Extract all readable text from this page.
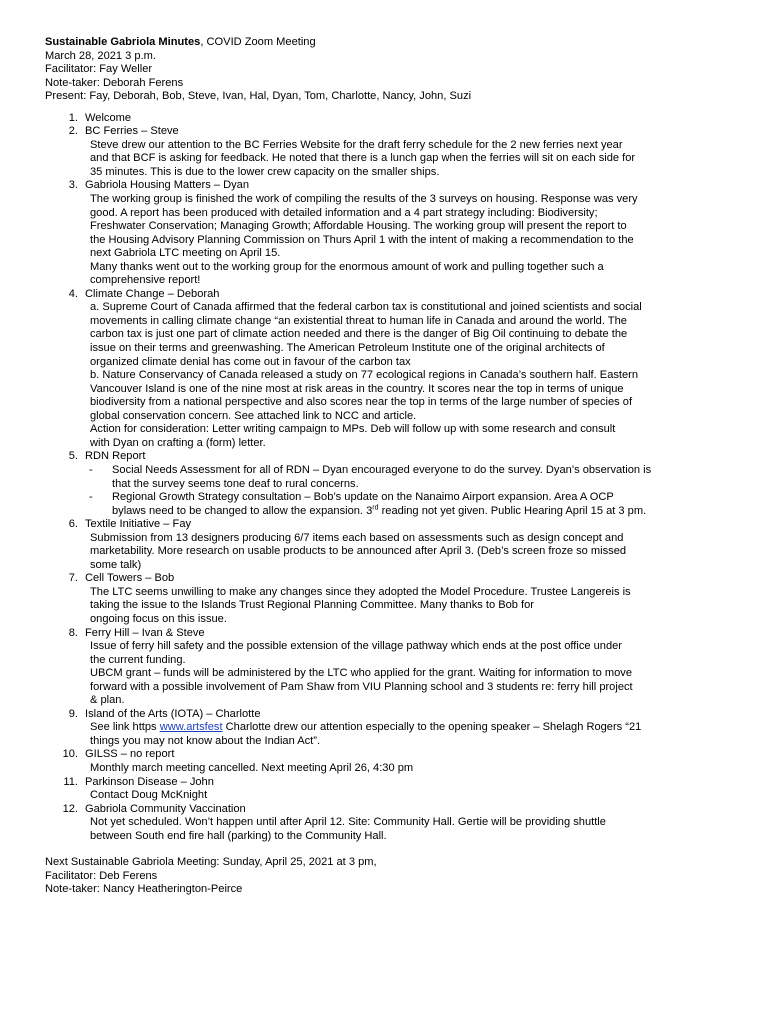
Sustainable Gabriola Minutes, COVID Zoom Meeting
March 28, 2021 3 p.m.
Facilitator: Fay Weller
Note-taker: Deborah Ferens
Present: Fay, Deborah, Bob, Steve, Ivan, Hal, Dyan, Tom, Charlotte, Nancy, John, Suzi
1. Welcome
2. BC Ferries – Steve
Steve drew our attention to the BC Ferries Website for the draft ferry schedule for the 2 new ferries next year
and that BCF is asking for feedback. He noted that there is a lunch gap when the ferries will sit on each side for
35 minutes. This is due to the lower crew capacity on the smaller ships.
3. Gabriola Housing Matters – Dyan
The working group is finished the work of compiling the results of the 3 surveys on housing. Response was very
good. A report has been produced with detailed information and a 4 part strategy including: Biodiversity;
Freshwater Conservation; Managing Growth; Affordable Housing. The working group will present the report to
the Housing Advisory Planning Commission on Thurs April 1 with the intent of making a recommendation to the
next Gabriola LTC meeting on April 15.
Many thanks went out to the working group for the enormous amount of work and pulling together such a
comprehensive report!
4. Climate Change – Deborah
a. Supreme Court of Canada affirmed that the federal carbon tax is constitutional and joined scientists and social
movements in calling climate change “an existential threat to human life in Canada and around the world. The
carbon tax is just one part of climate action needed and there is the danger of Big Oil continuing to debate the
issue on their terms and greenwashing. The American Petroleum Institute one of the original architects of
organized climate denial has come out in favour of the carbon tax
b. Nature Conservancy of Canada released a study on 77 ecological regions in Canada’s southern half. Eastern
Vancouver Island is one of the nine most at risk areas in the country. It scores near the top in terms of unique
biodiversity from a national perspective and also scores near the top in terms of the large number of species of
global conservation concern. See attached link to NCC and article.
Action for consideration: Letter writing campaign to MPs. Deb will follow up with some research and consult
with Dyan on crafting a (form) letter.
5. RDN Report
- Social Needs Assessment for all of RDN – Dyan encouraged everyone to do the survey. Dyan’s observation is
that the survey seems tone deaf to rural concerns.
- Regional Growth Strategy consultation – Bob’s update on the Nanaimo Airport expansion. Area A OCP
bylaws need to be changed to allow the expansion. 3rd reading not yet given. Public Hearing April 15 at 3 pm.
6. Textile Initiative – Fay
Submission from 13 designers producing 6/7 items each based on assessments such as design concept and
marketability. More research on usable products to be announced after April 3. (Deb’s screen froze so missed
some talk)
7. Cell Towers – Bob
The LTC seems unwilling to make any changes since they adopted the Model Procedure. Trustee Langereis is
taking the issue to the Islands Trust Regional Planning Committee. Many thanks to Bob for
ongoing focus on this issue.
8. Ferry Hill – Ivan & Steve
Issue of ferry hill safety and the possible extension of the village pathway which ends at the post office under
the current funding.
UBCM grant – funds will be administered by the LTC who applied for the grant. Waiting for information to move
forward with a possible involvement of Pam Shaw from VIU Planning school and 3 students re: ferry hill project
& plan.
9. Island of the Arts (IOTA) – Charlotte
See link https www.artsfest Charlotte drew our attention especially to the opening speaker – Shelagh Rogers “21
things you may not know about the Indian Act”.
10. GILSS – no report
Monthly march meeting cancelled. Next meeting April 26, 4:30 pm
11. Parkinson Disease – John
Contact Doug McKnight
12. Gabriola Community Vaccination
Not yet scheduled. Won’t happen until after April 12. Site: Community Hall. Gertie will be providing shuttle
between South end fire hall (parking) to the Community Hall.
Next Sustainable Gabriola Meeting: Sunday, April 25, 2021 at 3 pm,
Facilitator: Deb Ferens
Note-taker: Nancy Heatherington-Peirce
